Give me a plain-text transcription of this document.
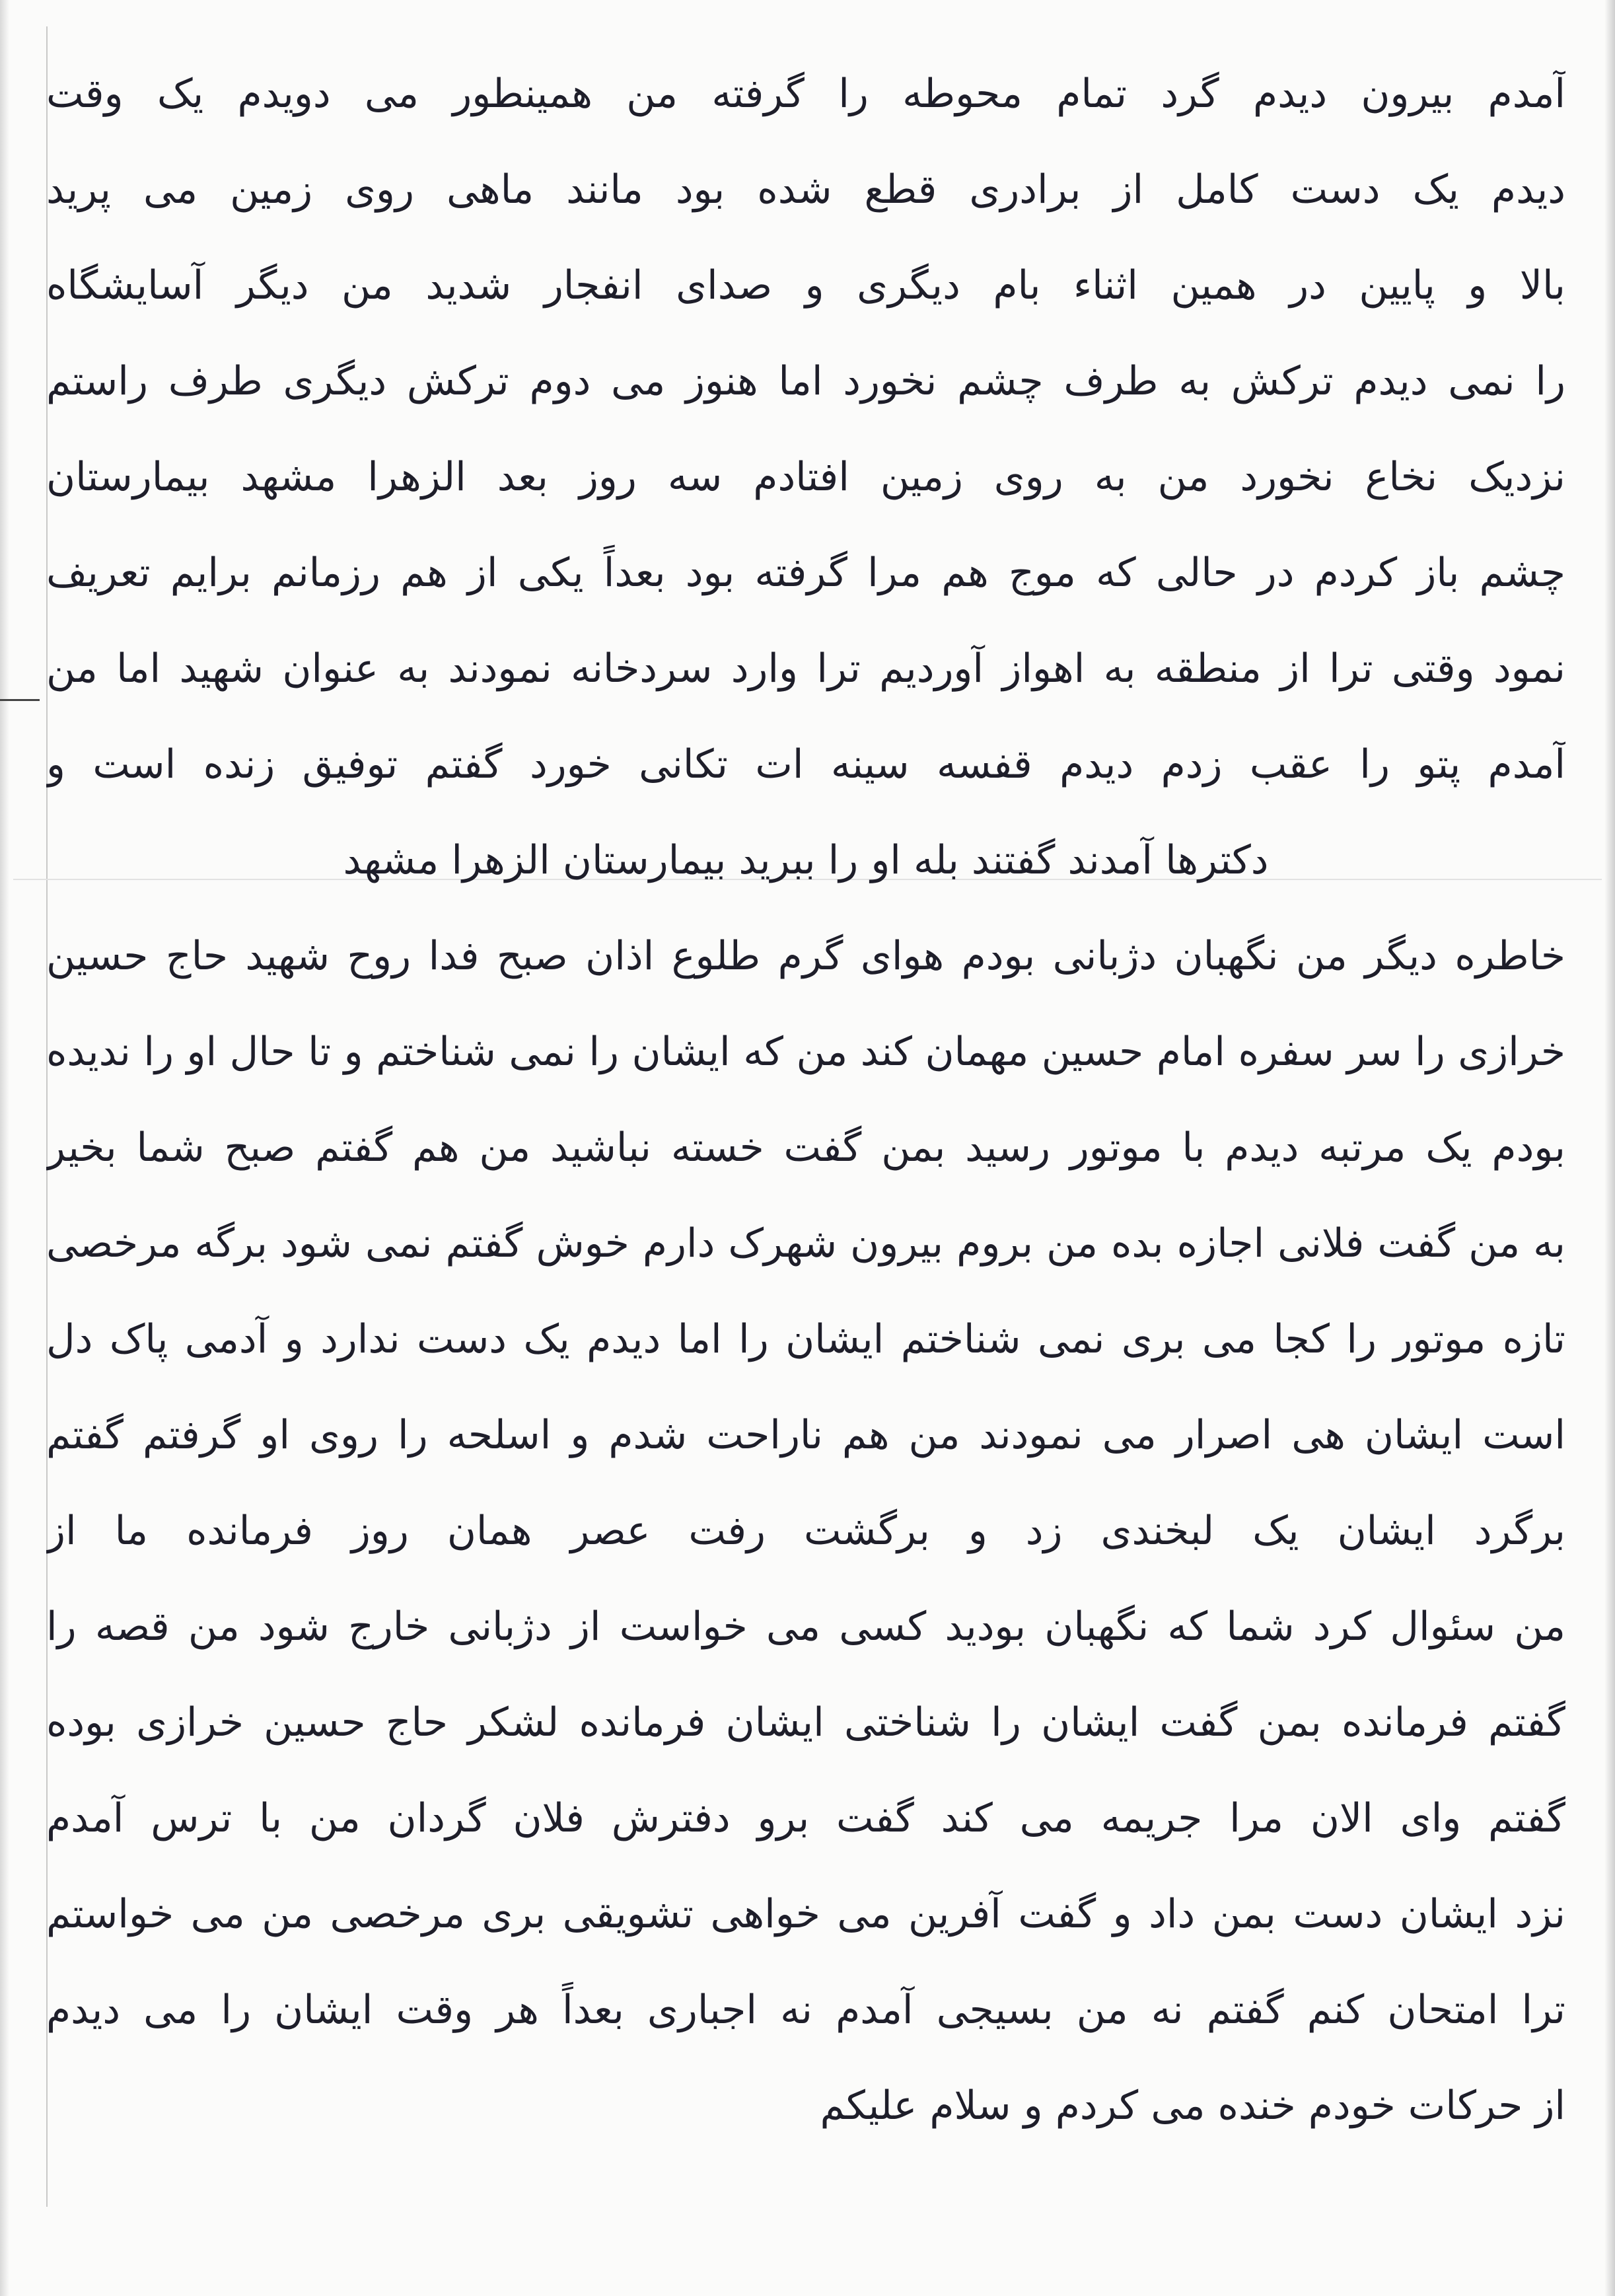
آمدم بیرون دیدم گرد تمام محوطه را گرفته من همینطور می دویدم یک وقت
دیدم یک دست کامل از برادری قطع شده بود مانند ماهی روی زمین می پرید
بالا و پایین در همین اثناء بام دیگری و صدای انفجار شدید من دیگر آسایشگاه
را نمی دیدم ترکش به طرف چشم نخورد اما هنوز می دوم ترکش دیگری طرف راستم
نزدیک نخاع نخورد من به روی زمین افتادم سه روز بعد الزهرا مشهد بیمارستان
چشم باز کردم در حالی که موج هم مرا گرفته بود بعداً یکی از هم رزمانم برایم تعریف
نمود وقتی ترا از منطقه به اهواز آوردیم ترا وارد سردخانه نمودند به عنوان شهید اما من
آمدم پتو را عقب زدم دیدم قفسه سینه ات تکانی خورد گفتم توفیق زنده است و
دکترها آمدند گفتند بله او را ببرید بیمارستان الزهرا مشهد
خاطره دیگر من نگهبان دژبانی بودم هوای گرم طلوع اذان صبح فدا روح شهید حاج حسین
خرازی را سر سفره امام حسین مهمان کند من که ایشان را نمی شناختم و تا حال او را ندیده
بودم یک مرتبه دیدم با موتور رسید بمن گفت خسته نباشید من هم گفتم صبح شما بخیر
به من گفت فلانی اجازه بده من بروم بیرون شهرک دارم خوش گفتم نمی شود برگه مرخصی
تازه موتور را کجا می بری نمی شناختم ایشان را اما دیدم یک دست ندارد و آدمی پاک دل
است ایشان هی اصرار می نمودند من هم ناراحت شدم و اسلحه را روی او گرفتم گفتم
برگرد ایشان یک لبخندی زد و برگشت رفت عصر همان روز فرمانده ما از
من سئوال کرد شما که نگهبان بودید کسی می خواست از دژبانی خارج شود من قصه را
گفتم فرمانده بمن گفت ایشان را شناختی ایشان فرمانده لشکر حاج حسین خرازی بوده
گفتم وای الان مرا جریمه می کند گفت برو دفترش فلان گردان من با ترس آمدم
نزد ایشان دست بمن داد و گفت آفرین می خواهی تشویقی بری مرخصی من می خواستم
ترا امتحان کنم گفتم نه من بسیجی آمدم نه اجباری بعداً هر وقت ایشان را می دیدم
از حرکات خودم خنده می کردم و سلام علیکم
